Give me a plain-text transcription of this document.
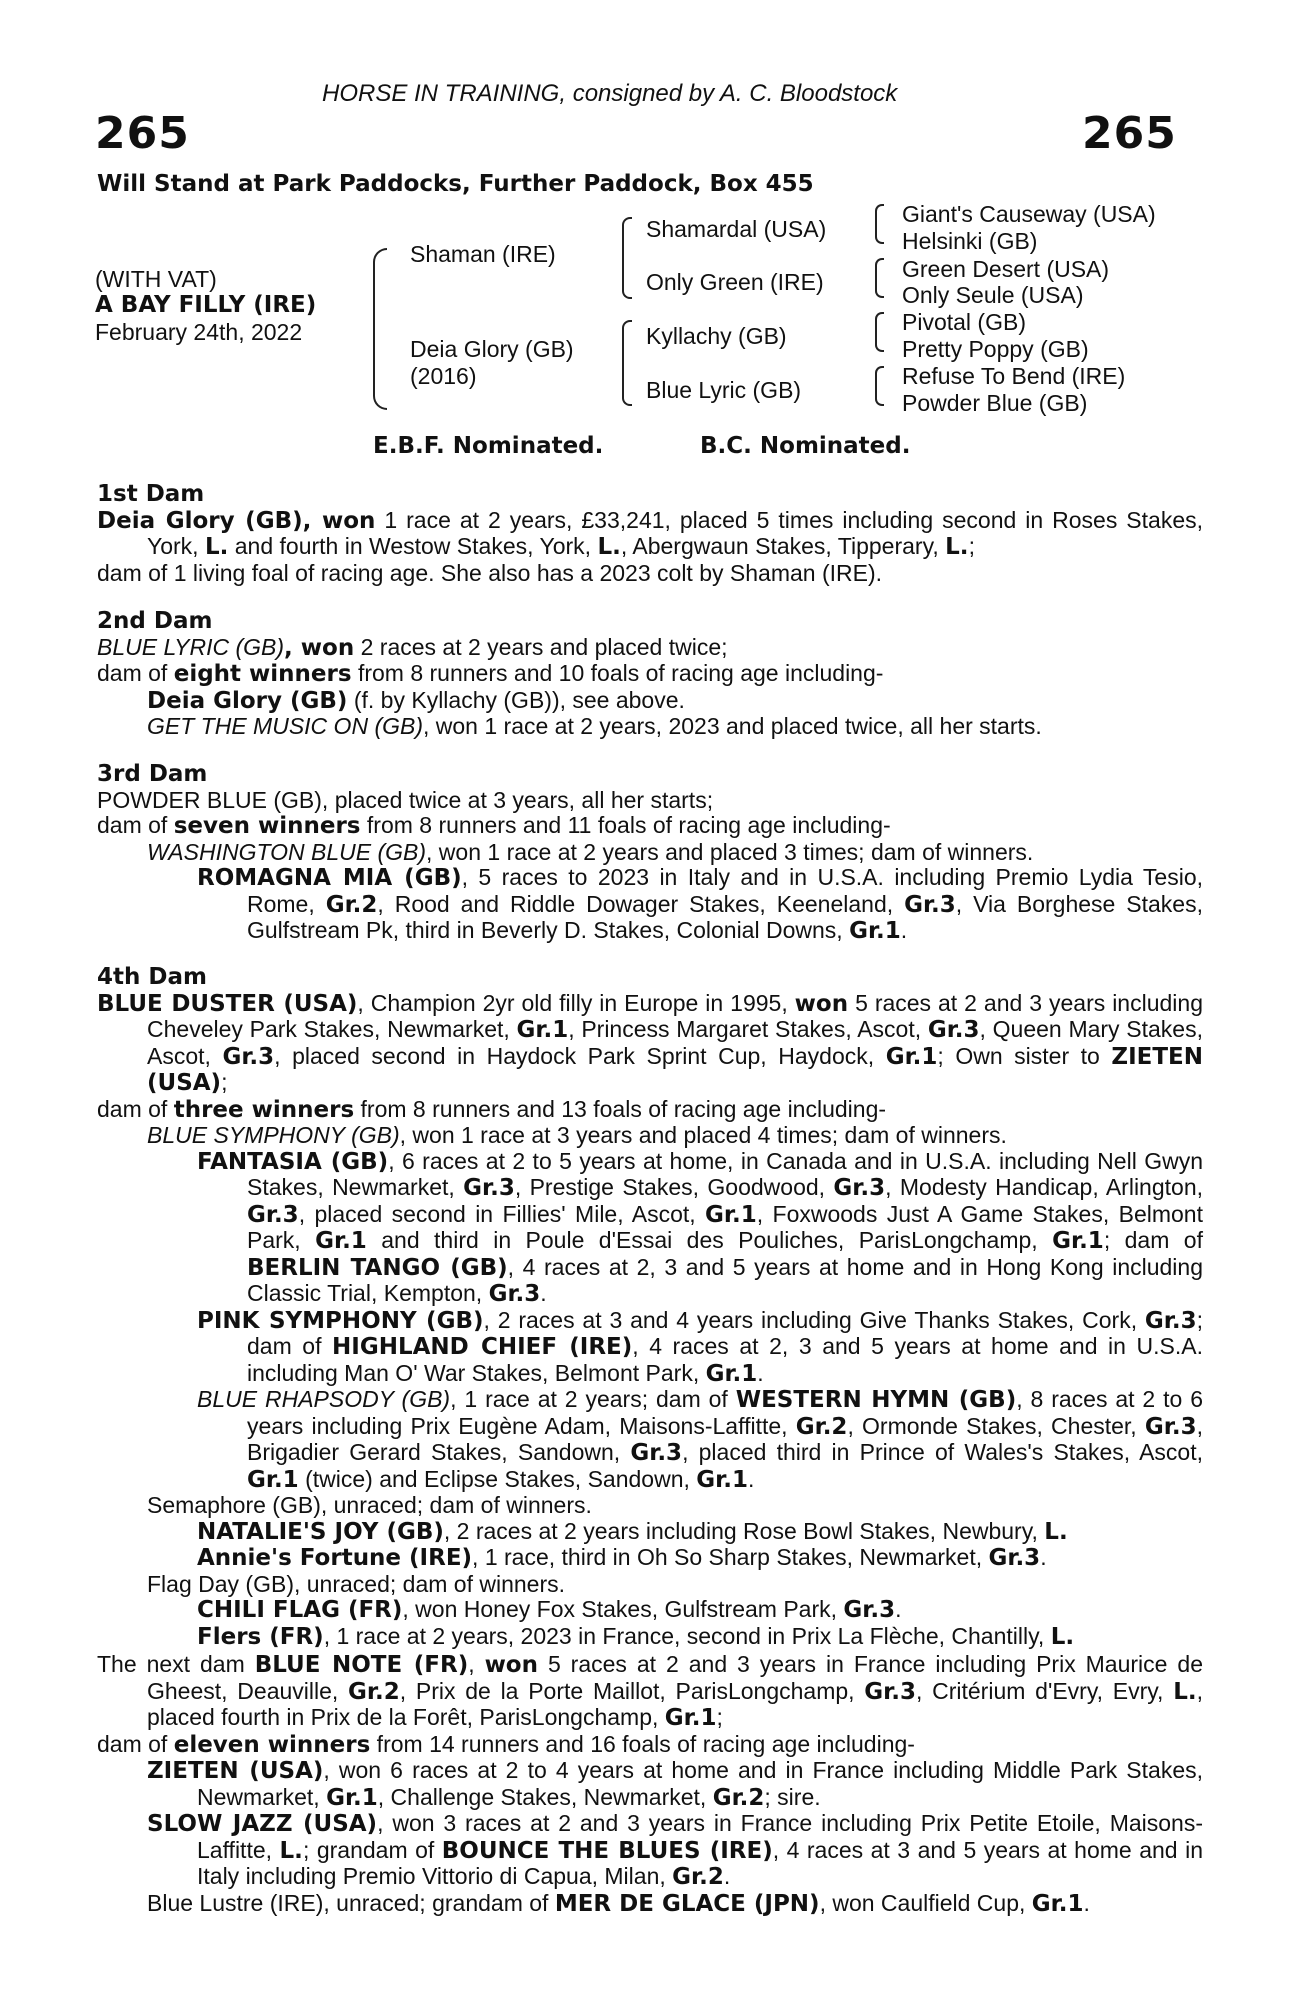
HORSE IN TRAINING, consigned by A. C. Bloodstock
265	265
Will Stand at Park Paddocks, Further Paddock, Box 455
(WITH VAT)
A BAY FILLY (IRE)
February 24th, 2022
Shaman (IRE)
Deia Glory (GB)
(2016)
Shamardal (USA)
Only Green (IRE)
Kyllachy (GB)
Blue Lyric (GB)
Giant's Causeway (USA)
Helsinki (GB)
Green Desert (USA)
Only Seule (USA)
Pivotal (GB)
Pretty Poppy (GB)
Refuse To Bend (IRE)
Powder Blue (GB)
E.B.F. Nominated.	B.C. Nominated.
1st Dam
Deia Glory (GB), won 1 race at 2 years, £33,241, placed 5 times including second in Roses Stakes, York, L. and fourth in Westow Stakes, York, L., Abergwaun Stakes, Tipperary, L.;
dam of 1 living foal of racing age. She also has a 2023 colt by Shaman (IRE).
2nd Dam
BLUE LYRIC (GB), won 2 races at 2 years and placed twice;
dam of eight winners from 8 runners and 10 foals of racing age including-
Deia Glory (GB) (f. by Kyllachy (GB)), see above.
GET THE MUSIC ON (GB), won 1 race at 2 years, 2023 and placed twice, all her starts.
3rd Dam
POWDER BLUE (GB), placed twice at 3 years, all her starts;
dam of seven winners from 8 runners and 11 foals of racing age including-
WASHINGTON BLUE (GB), won 1 race at 2 years and placed 3 times; dam of winners.
ROMAGNA MIA (GB), 5 races to 2023 in Italy and in U.S.A. including Premio Lydia Tesio, Rome, Gr.2, Rood and Riddle Dowager Stakes, Keeneland, Gr.3, Via Borghese Stakes, Gulfstream Pk, third in Beverly D. Stakes, Colonial Downs, Gr.1.
4th Dam
BLUE DUSTER (USA), Champion 2yr old filly in Europe in 1995, won 5 races at 2 and 3 years including Cheveley Park Stakes, Newmarket, Gr.1, Princess Margaret Stakes, Ascot, Gr.3, Queen Mary Stakes, Ascot, Gr.3, placed second in Haydock Park Sprint Cup, Haydock, Gr.1; Own sister to ZIETEN (USA);
dam of three winners from 8 runners and 13 foals of racing age including-
BLUE SYMPHONY (GB), won 1 race at 3 years and placed 4 times; dam of winners.
FANTASIA (GB), 6 races at 2 to 5 years at home, in Canada and in U.S.A. including Nell Gwyn Stakes, Newmarket, Gr.3, Prestige Stakes, Goodwood, Gr.3, Modesty Handicap, Arlington, Gr.3, placed second in Fillies' Mile, Ascot, Gr.1, Foxwoods Just A Game Stakes, Belmont Park, Gr.1 and third in Poule d'Essai des Pouliches, ParisLongchamp, Gr.1; dam of BERLIN TANGO (GB), 4 races at 2, 3 and 5 years at home and in Hong Kong including Classic Trial, Kempton, Gr.3.
PINK SYMPHONY (GB), 2 races at 3 and 4 years including Give Thanks Stakes, Cork, Gr.3; dam of HIGHLAND CHIEF (IRE), 4 races at 2, 3 and 5 years at home and in U.S.A. including Man O' War Stakes, Belmont Park, Gr.1.
BLUE RHAPSODY (GB), 1 race at 2 years; dam of WESTERN HYMN (GB), 8 races at 2 to 6 years including Prix Eugène Adam, Maisons-Laffitte, Gr.2, Ormonde Stakes, Chester, Gr.3, Brigadier Gerard Stakes, Sandown, Gr.3, placed third in Prince of Wales's Stakes, Ascot, Gr.1 (twice) and Eclipse Stakes, Sandown, Gr.1.
Semaphore (GB), unraced; dam of winners.
NATALIE'S JOY (GB), 2 races at 2 years including Rose Bowl Stakes, Newbury, L.
Annie's Fortune (IRE), 1 race, third in Oh So Sharp Stakes, Newmarket, Gr.3.
Flag Day (GB), unraced; dam of winners.
CHILI FLAG (FR), won Honey Fox Stakes, Gulfstream Park, Gr.3.
Flers (FR), 1 race at 2 years, 2023 in France, second in Prix La Flèche, Chantilly, L.
The next dam BLUE NOTE (FR), won 5 races at 2 and 3 years in France including Prix Maurice de Gheest, Deauville, Gr.2, Prix de la Porte Maillot, ParisLongchamp, Gr.3, Critérium d'Evry, Evry, L., placed fourth in Prix de la Forêt, ParisLongchamp, Gr.1;
dam of eleven winners from 14 runners and 16 foals of racing age including-
ZIETEN (USA), won 6 races at 2 to 4 years at home and in France including Middle Park Stakes, Newmarket, Gr.1, Challenge Stakes, Newmarket, Gr.2; sire.
SLOW JAZZ (USA), won 3 races at 2 and 3 years in France including Prix Petite Etoile, Maisons-Laffitte, L.; grandam of BOUNCE THE BLUES (IRE), 4 races at 3 and 5 years at home and in Italy including Premio Vittorio di Capua, Milan, Gr.2.
Blue Lustre (IRE), unraced; grandam of MER DE GLACE (JPN), won Caulfield Cup, Gr.1.
